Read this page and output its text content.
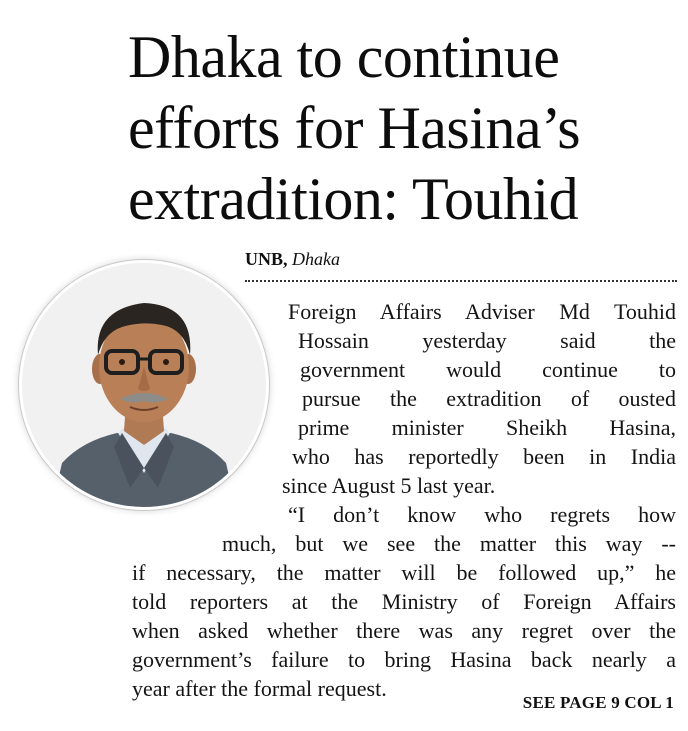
Dhaka to continue
efforts for Hasina’s
extradition: Touhid
UNB, Dhaka
Foreign Affairs Adviser Md Touhid
Hossain yesterday said the
government would continue to
pursue the extradition of ousted
prime minister Sheikh Hasina,
who has reportedly been in India
since August 5 last year.
“I don’t know who regrets how
much, but we see the matter this way --
if necessary, the matter will be followed up,” he
told reporters at the Ministry of Foreign Affairs
when asked whether there was any regret over the
government’s failure to bring Hasina back nearly a
year after the formal request.
SEE PAGE 9 COL 1
